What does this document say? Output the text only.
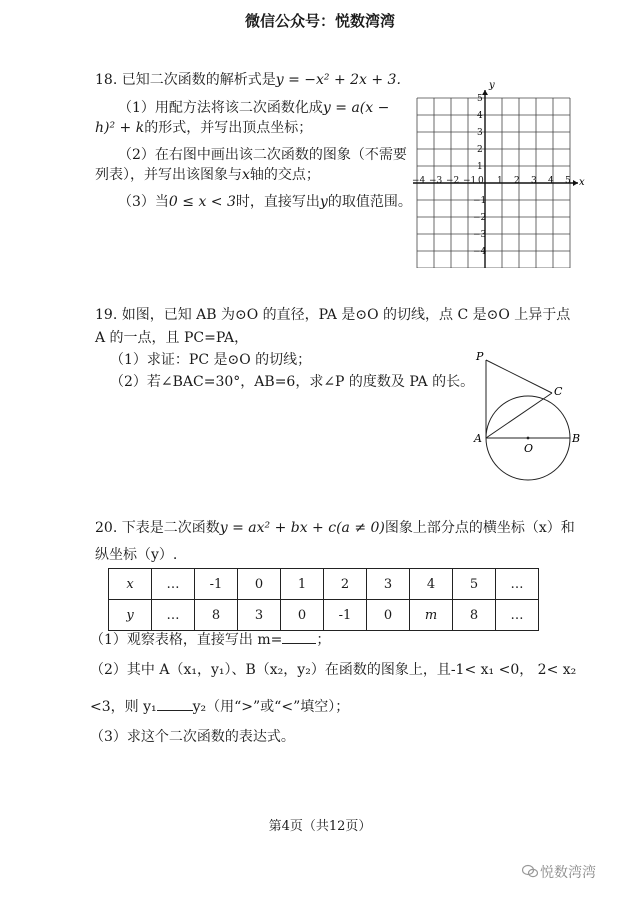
微信公众号：悦数湾湾
18. 已知二次函数的解析式是y = −x² + 2x + 3.
（1）用配方法将该二次函数化成y = a(x −
h)² + k的形式，并写出顶点坐标；
（2）在右图中画出该二次函数的图象（不需要
列表），并写出该图象与x轴的交点；
（3）当0 ≤ x < 3时，直接写出y的取值范围。
−4 −3 −2 −1 0 1 2 3 4 5
5
4
3
2
1
−1
−2
−3
−4
x
y
19. 如图，已知 AB 为⊙O 的直径，PA 是⊙O 的切线，点 C 是⊙O 上异于点
A 的一点，且 PC=PA，
（1）求证：PC 是⊙O 的切线；
（2）若∠BAC=30°，AB=6，求∠P 的度数及 PA 的长。
P
C
A
O
B
20. 下表是二次函数y = ax² + bx + c(a ≠ 0)图象上部分点的横坐标（x）和
纵坐标（y）.
x	…	-1	0	1	2	3	4	5	…
y	…	8	3	0	-1	0	m	8	…
（1）观察表格，直接写出 m= ；
（2）其中 A（x₁，y₁）、B（x₂，y₂）在函数的图象上，且-1< x₁ <0， 2< x₂
<3，则 y₁	y₂（用“>”或“<”填空）；
（3）求这个二次函数的表达式。
第4页（共12页）
悦数湾湾
